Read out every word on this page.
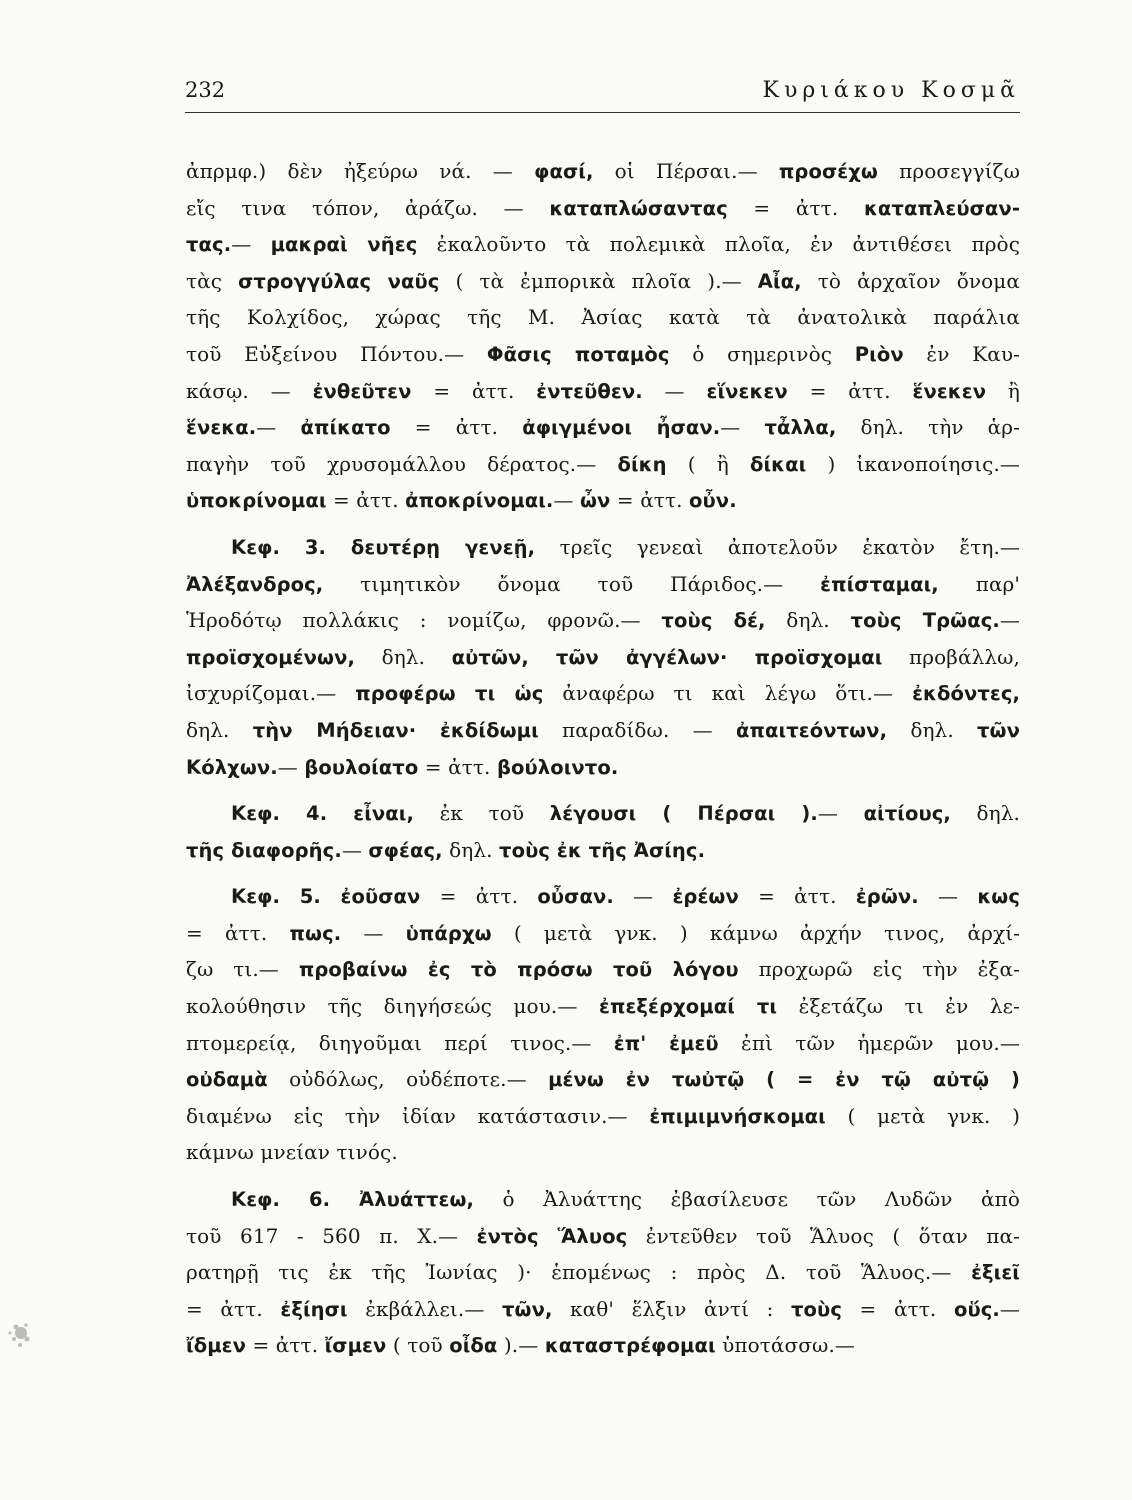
232	Κυριάκου Κοσμᾶ
ἀπρμφ.) δὲν ἠξεύρω νά. — φασί, οἱ Πέρσαι.— προσέχω προσεγγίζω
εἴς τινα τόπον, ἀράζω. — καταπλώσαντας = ἀττ. καταπλεύσαν-
τας.— μακραὶ νῆες ἐκαλοῦντο τὰ πολεμικὰ πλοῖα, ἐν ἀντιθέσει πρὸς
τὰς στρογγύλας ναῦς ( τὰ ἐμπορικὰ πλοῖα ).— Αἶα, τὸ ἀρχαῖον ὄνομα
τῆς Κολχίδος, χώρας τῆς Μ. Ἀσίας κατὰ τὰ ἀνατολικὰ παράλια
τοῦ Εὐξείνου Πόντου.— Φᾶσις ποταμὸς ὁ σημερινὸς Ριὸν ἐν Καυ-
κάσῳ. — ἐνθεῦτεν = ἀττ. ἐντεῦθεν. — εἵνεκεν = ἀττ. ἕνεκεν ἢ
ἕνεκα.— ἀπίκατο = ἀττ. ἀφιγμένοι ἦσαν.— τἆλλα, δηλ. τὴν ἁρ-
παγὴν τοῦ χρυσομάλλου δέρατος.— δίκη ( ἢ δίκαι ) ἱκανοποίησις.—
ὑποκρίνομαι = ἀττ. ἀποκρίνομαι.— ὦν = ἀττ. οὖν.
Κεφ. 3. δευτέρῃ γενεῇ, τρεῖς γενεαὶ ἀποτελοῦν ἑκατὸν ἔτη.—
Ἀλέξανδρος, τιμητικὸν ὄνομα τοῦ Πάριδος.— ἐπίσταμαι, παρ'
Ἡροδότῳ πολλάκις : νομίζω, φρονῶ.— τοὺς δέ, δηλ. τοὺς Τρῶας.—
προϊσχομένων, δηλ. αὐτῶν, τῶν ἀγγέλων· προϊσχομαι προβάλλω,
ἰσχυρίζομαι.— προφέρω τι ὡς ἀναφέρω τι καὶ λέγω ὅτι.— ἐκδόντες,
δηλ. τὴν Μήδειαν· ἐκδίδωμι παραδίδω. — ἀπαιτεόντων, δηλ. τῶν
Κόλχων.— βουλοίατο = ἀττ. βούλοιντο.
Κεφ. 4. εἶναι, ἐκ τοῦ λέγουσι ( Πέρσαι ).— αἰτίους, δηλ.
τῆς διαφορῆς.— σφέας, δηλ. τοὺς ἐκ τῆς Ἀσίης.
Κεφ. 5. ἐοῦσαν = ἀττ. οὖσαν. — ἐρέων = ἀττ. ἐρῶν. — κως
= ἀττ. πως. — ὑπάρχω ( μετὰ γνκ. ) κάμνω ἀρχήν τινος, ἀρχί-
ζω τι.— προβαίνω ἐς τὸ πρόσω τοῦ λόγου προχωρῶ εἰς τὴν ἐξα-
κολούθησιν τῆς διηγήσεώς μου.— ἐπεξέρχομαί τι ἐξετάζω τι ἐν λε-
πτομερείᾳ, διηγοῦμαι περί τινος.— ἐπ' ἐμεῦ ἐπὶ τῶν ἡμερῶν μου.—
οὐδαμὰ οὐδόλως, οὐδέποτε.— μένω ἐν τωὐτῷ ( = ἐν τῷ αὐτῷ )
διαμένω εἰς τὴν ἰδίαν κατάστασιν.— ἐπιμιμνήσκομαι ( μετὰ γνκ. )
κάμνω μνείαν τινός.
Κεφ. 6. Ἀλυάττεω, ὁ Ἀλυάττης ἐβασίλευσε τῶν Λυδῶν ἀπὸ
τοῦ 617 - 560 π. Χ.— ἐντὸς Ἅλυος ἐντεῦθεν τοῦ Ἅλυος ( ὅταν πα-
ρατηρῇ τις ἐκ τῆς Ἰωνίας )· ἑπομένως : πρὸς Δ. τοῦ Ἅλυος.— ἐξιεῖ
= ἀττ. ἐξίησι ἐκβάλλει.— τῶν, καθ' ἕλξιν ἀντί : τοὺς = ἀττ. οὕς.—
ἴδμεν = ἀττ. ἴσμεν ( τοῦ οἶδα ).— καταστρέφομαι ὑποτάσσω.—
